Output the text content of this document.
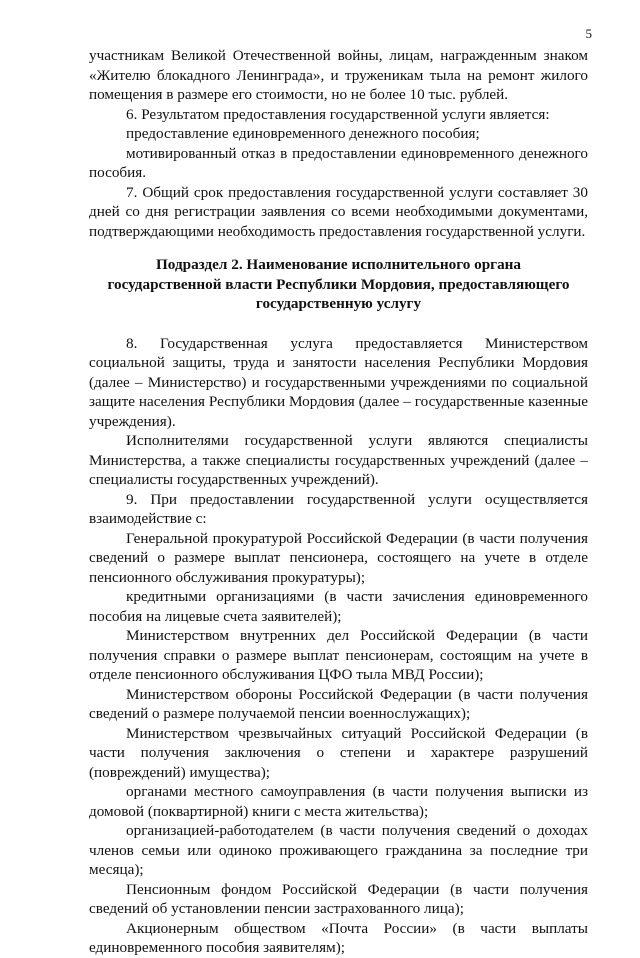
5

участникам Великой Отечественной войны, лицам, награжденным знаком «Жителю блокадного Ленинграда», и труженикам тыла на ремонт жилого помещения в размере его стоимости, но не более 10 тыс. рублей.

6. Результатом предоставления государственной услуги является:

предоставление единовременного денежного пособия;

мотивированный отказ в предоставлении единовременного денежного пособия.

7. Общий срок предоставления государственной услуги составляет 30 дней со дня регистрации заявления со всеми необходимыми документами, подтверждающими необходимость предоставления государственной услуги.

Подраздел 2. Наименование исполнительного органа
государственной власти Республики Мордовия, предоставляющего
государственную услугу

8. Государственная услуга предоставляется Министерством социальной защиты, труда и занятости населения Республики Мордовия (далее – Министерство) и государственными учреждениями по социальной защите населения Республики Мордовия (далее – государственные казенные учреждения).

Исполнителями государственной услуги являются специалисты Министерства, а также специалисты государственных учреждений (далее – специалисты государственных учреждений).

9. При предоставлении государственной услуги осуществляется взаимодействие с:

Генеральной прокуратурой Российской Федерации (в части получения сведений о размере выплат пенсионера, состоящего на учете в отделе пенсионного обслуживания прокуратуры);

кредитными организациями (в части зачисления единовременного пособия на лицевые счета заявителей);

Министерством внутренних дел Российской Федерации (в части получения справки о размере выплат пенсионерам, состоящим на учете в отделе пенсионного обслуживания ЦФО тыла МВД России);

Министерством обороны Российской Федерации (в части получения сведений о размере получаемой пенсии военнослужащих);

Министерством чрезвычайных ситуаций Российской Федерации (в части получения заключения о степени и характере разрушений (повреждений) имущества);

органами местного самоуправления (в части получения выписки из домовой (поквартирной) книги с места жительства);

организацией-работодателем (в части получения сведений о доходах членов семьи или одиноко проживающего гражданина за последние три месяца);

Пенсионным фондом Российской Федерации (в части получения сведений об установлении пенсии застрахованного лица);

Акционерным обществом «Почта России» (в части выплаты единовременного пособия заявителям);
